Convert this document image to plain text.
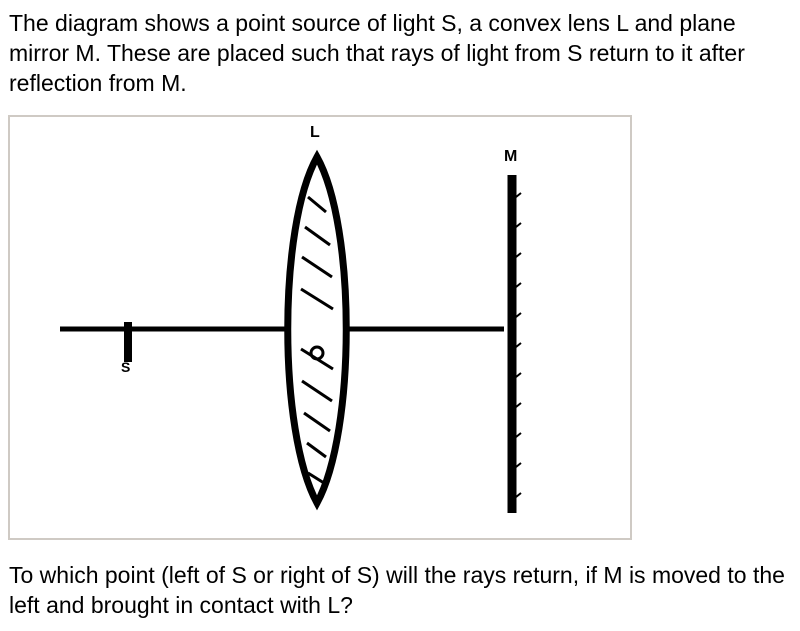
The diagram shows a point source of light S, a convex lens L and plane mirror M. These are placed such that rays of light from S return to it after reflection from M.

S
L
M

To which point (left of S or right of S) will the rays return, if M is moved to the left and brought in contact with L?
